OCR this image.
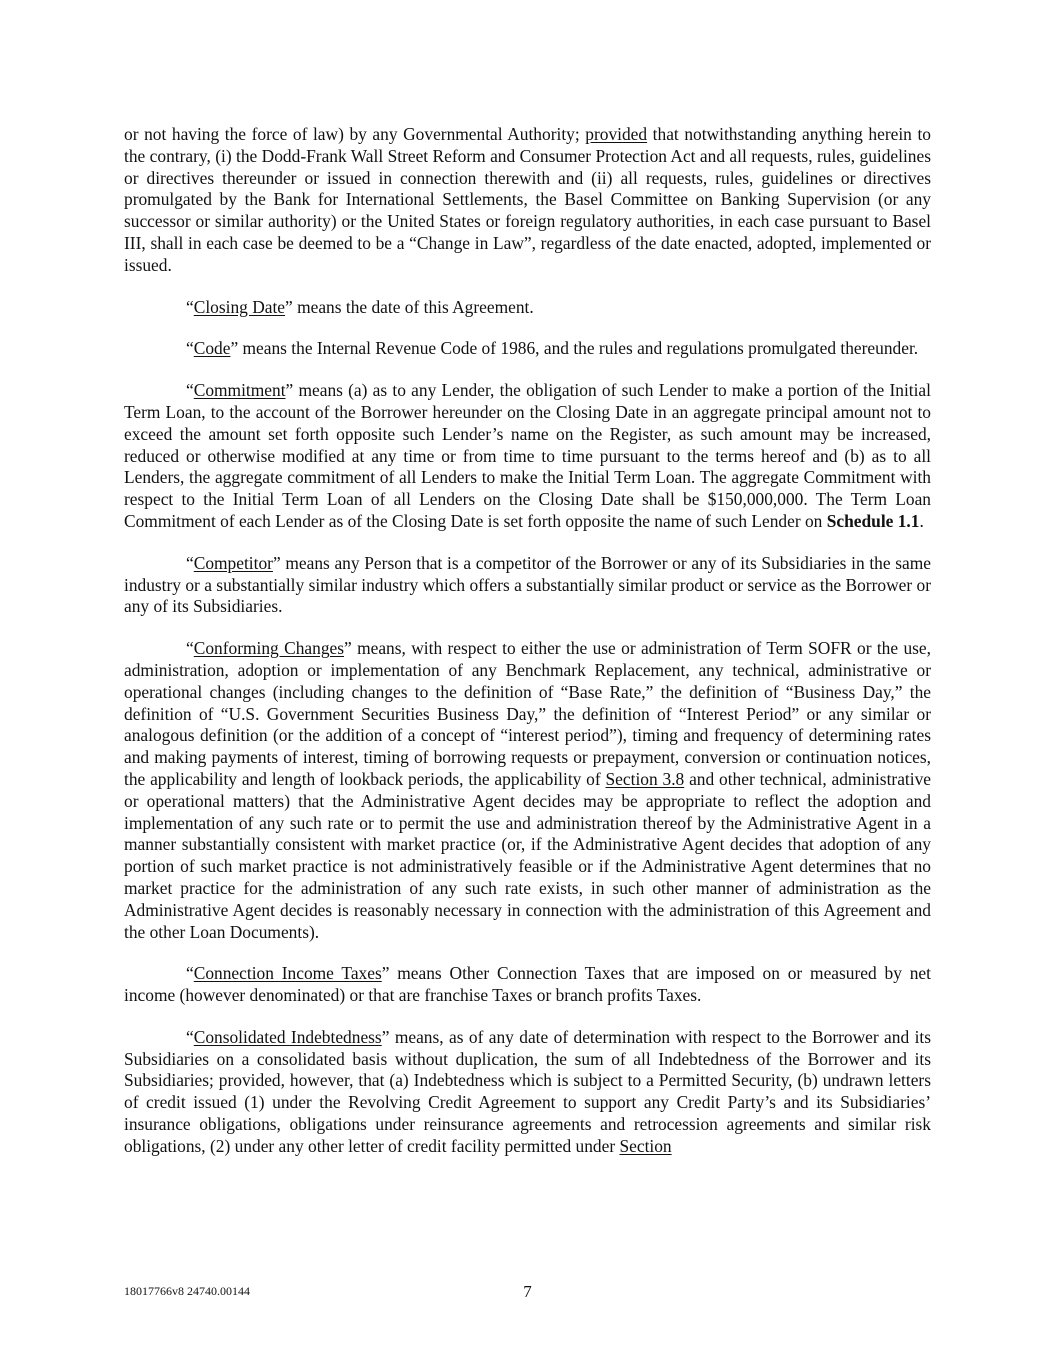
or not having the force of law) by any Governmental Authority; provided that notwithstanding anything herein to the contrary, (i) the Dodd-Frank Wall Street Reform and Consumer Protection Act and all requests, rules, guidelines or directives thereunder or issued in connection therewith and (ii) all requests, rules, guidelines or directives promulgated by the Bank for International Settlements, the Basel Committee on Banking Supervision (or any successor or similar authority) or the United States or foreign regulatory authorities, in each case pursuant to Basel III, shall in each case be deemed to be a “Change in Law”, regardless of the date enacted, adopted, implemented or issued.

“Closing Date” means the date of this Agreement.

“Code” means the Internal Revenue Code of 1986, and the rules and regulations promulgated thereunder.

“Commitment” means (a) as to any Lender, the obligation of such Lender to make a portion of the Initial Term Loan, to the account of the Borrower hereunder on the Closing Date in an aggregate principal amount not to exceed the amount set forth opposite such Lender’s name on the Register, as such amount may be increased, reduced or otherwise modified at any time or from time to time pursuant to the terms hereof and (b) as to all Lenders, the aggregate commitment of all Lenders to make the Initial Term Loan. The aggregate Commitment with respect to the Initial Term Loan of all Lenders on the Closing Date shall be $150,000,000. The Term Loan Commitment of each Lender as of the Closing Date is set forth opposite the name of such Lender on Schedule 1.1.

“Competitor” means any Person that is a competitor of the Borrower or any of its Subsidiaries in the same industry or a substantially similar industry which offers a substantially similar product or service as the Borrower or any of its Subsidiaries.

“Conforming Changes” means, with respect to either the use or administration of Term SOFR or the use, administration, adoption or implementation of any Benchmark Replacement, any technical, administrative or operational changes (including changes to the definition of “Base Rate,” the definition of “Business Day,” the definition of “U.S. Government Securities Business Day,” the definition of “Interest Period” or any similar or analogous definition (or the addition of a concept of “interest period”), timing and frequency of determining rates and making payments of interest, timing of borrowing requests or prepayment, conversion or continuation notices, the applicability and length of lookback periods, the applicability of Section 3.8 and other technical, administrative or operational matters) that the Administrative Agent decides may be appropriate to reflect the adoption and implementation of any such rate or to permit the use and administration thereof by the Administrative Agent in a manner substantially consistent with market practice (or, if the Administrative Agent decides that adoption of any portion of such market practice is not administratively feasible or if the Administrative Agent determines that no market practice for the administration of any such rate exists, in such other manner of administration as the Administrative Agent decides is reasonably necessary in connection with the administration of this Agreement and the other Loan Documents).

“Connection Income Taxes” means Other Connection Taxes that are imposed on or measured by net income (however denominated) or that are franchise Taxes or branch profits Taxes.

“Consolidated Indebtedness” means, as of any date of determination with respect to the Borrower and its Subsidiaries on a consolidated basis without duplication, the sum of all Indebtedness of the Borrower and its Subsidiaries; provided, however, that (a) Indebtedness which is subject to a Permitted Security, (b) undrawn letters of credit issued (1) under the Revolving Credit Agreement to support any Credit Party’s and its Subsidiaries’ insurance obligations, obligations under reinsurance agreements and retrocession agreements and similar risk obligations, (2) under any other letter of credit facility permitted under Section

18017766v8 24740.00144	7
